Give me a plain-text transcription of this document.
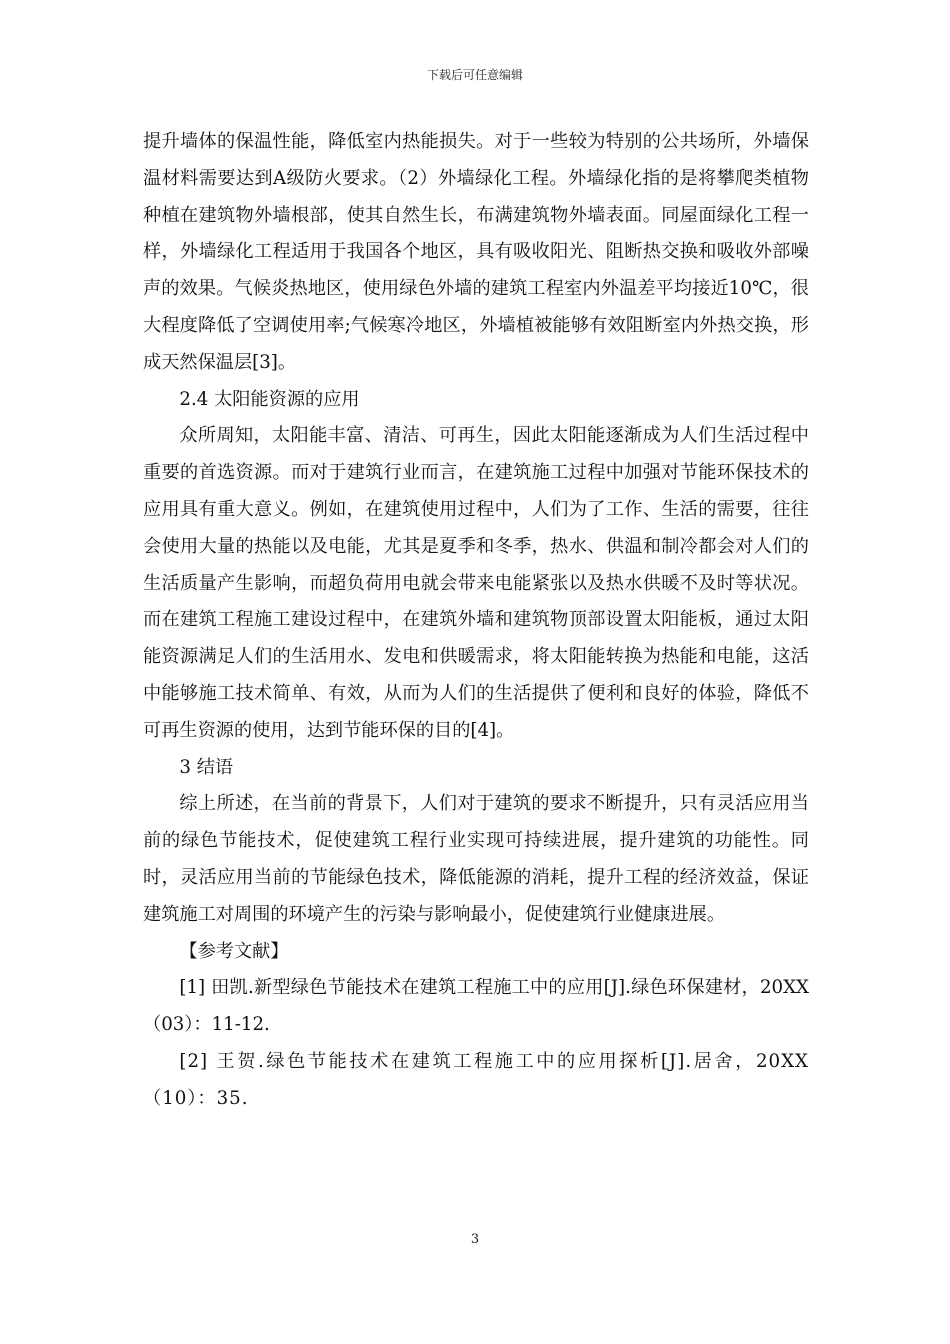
下载后可任意编辑

提升墙体的保温性能，降低室内热能损失。对于一些较为特别的公共场所，外墙保温材料需要达到A级防火要求。（2）外墙绿化工程。外墙绿化指的是将攀爬类植物种植在建筑物外墙根部，使其自然生长，布满建筑物外墙表面。同屋面绿化工程一样，外墙绿化工程适用于我国各个地区，具有吸收阳光、阻断热交换和吸收外部噪声的效果。气候炎热地区，使用绿色外墙的建筑工程室内外温差平均接近10℃，很大程度降低了空调使用率;气候寒冷地区，外墙植被能够有效阻断室内外热交换，形成天然保温层[3]。

2.4 太阳能资源的应用

众所周知，太阳能丰富、清洁、可再生，因此太阳能逐渐成为人们生活过程中重要的首选资源。而对于建筑行业而言，在建筑施工过程中加强对节能环保技术的应用具有重大意义。例如，在建筑使用过程中，人们为了工作、生活的需要，往往会使用大量的热能以及电能，尤其是夏季和冬季，热水、供温和制冷都会对人们的生活质量产生影响，而超负荷用电就会带来电能紧张以及热水供暖不及时等状况。而在建筑工程施工建设过程中，在建筑外墙和建筑物顶部设置太阳能板，通过太阳能资源满足人们的生活用水、发电和供暖需求，将太阳能转换为热能和电能，这活中能够施工技术简单、有效，从而为人们的生活提供了便利和良好的体验，降低不可再生资源的使用，达到节能环保的目的[4]。

3 结语

综上所述，在当前的背景下，人们对于建筑的要求不断提升，只有灵活应用当前的绿色节能技术，促使建筑工程行业实现可持续进展，提升建筑的功能性。同时，灵活应用当前的节能绿色技术，降低能源的消耗，提升工程的经济效益，保证建筑施工对周围的环境产生的污染与影响最小，促使建筑行业健康进展。

【参考文献】

[1] 田凯.新型绿色节能技术在建筑工程施工中的应用[J].绿色环保建材，20XX（03）：11-12.

[2] 王贺.绿色节能技术在建筑工程施工中的应用探析[J].居舍，20XX（10）：35.

3
